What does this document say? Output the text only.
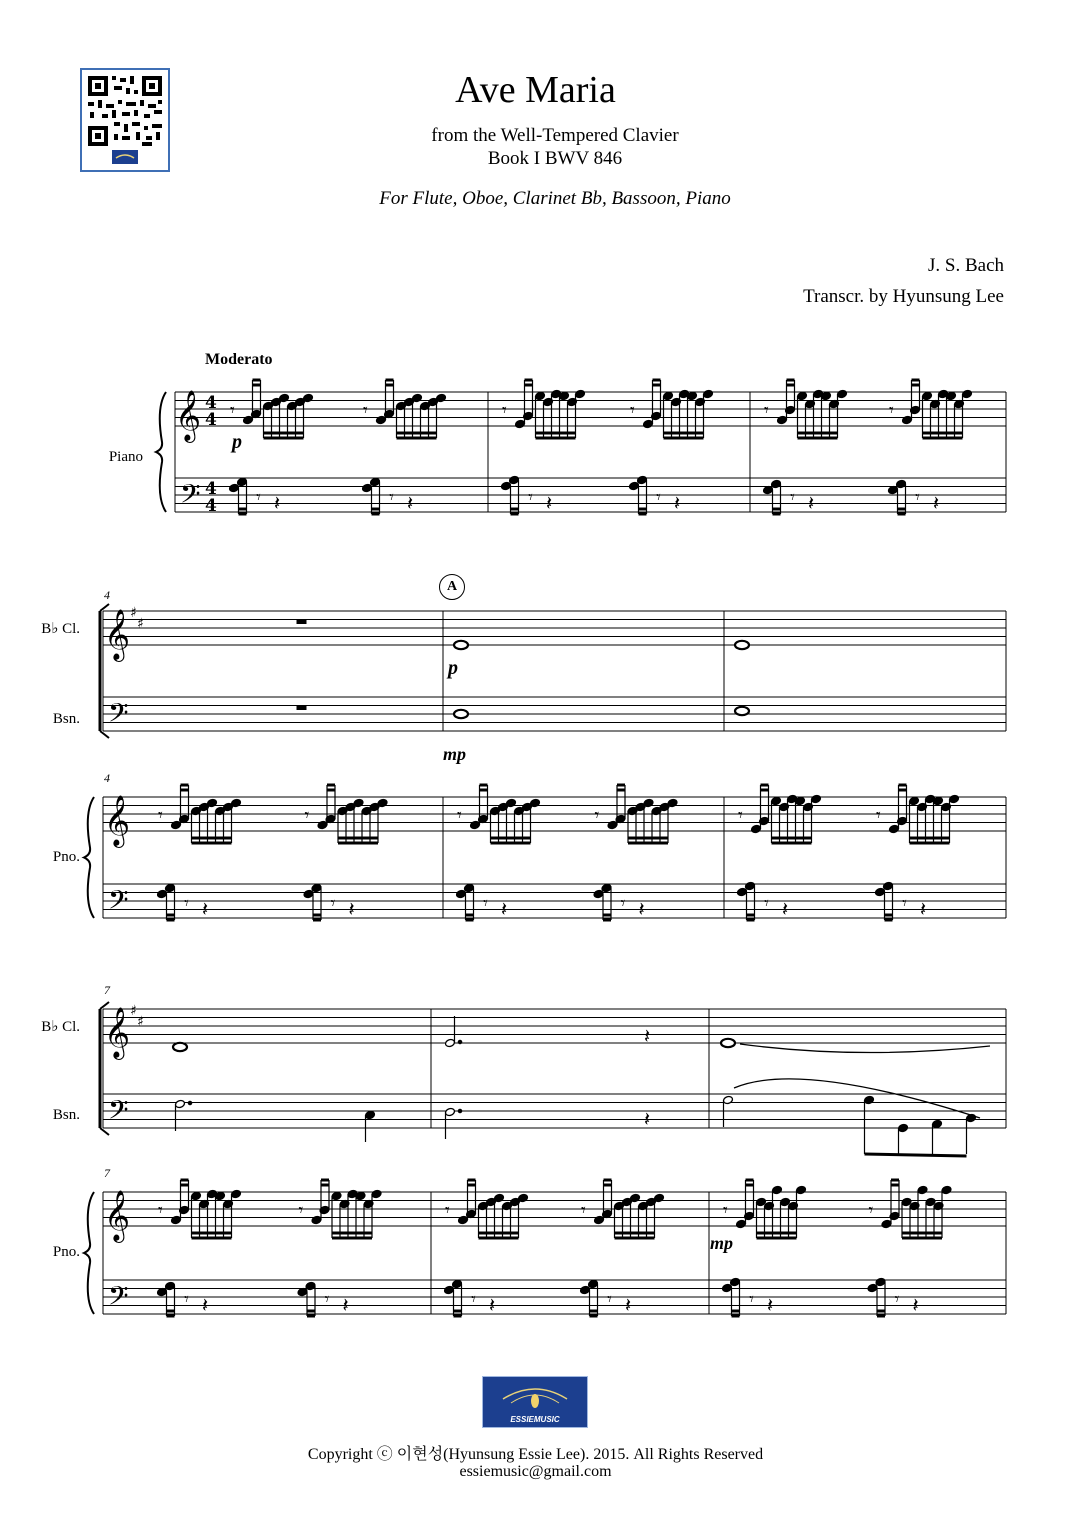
Ave Maria
from the Well-Tempered Clavier
Book I BWV 846
For Flute, Oboe, Clarinet Bb, Bassoon, Piano
J. S. Bach
Transcr. by Hyunsung Lee
Moderato
Piano
4
B♭ Cl.
Bsn.
4
Pno.
7
B♭ Cl.
Bsn.
7
Pno.
p
p
mp
mp
A
𝄞
𝄢
4
4
4
4
𝄾	𝄾
𝄾 𝄽	𝄾 𝄽
𝄾	𝄾
𝄾 𝄽	𝄾 𝄽
𝄾	𝄾
𝄾 𝄽	𝄾 𝄽
𝄞 ♯
♯
𝄢
𝄞
𝄢
𝄾	𝄾
𝄾 𝄽	𝄾 𝄽
𝄾	𝄾
𝄾 𝄽	𝄾 𝄽
𝄾	𝄾
𝄾 𝄽	𝄾 𝄽
𝄞 ♯
♯
𝄢
𝄞
𝄢
𝄽
𝄽
𝄾	𝄾
𝄾 𝄽	𝄾 𝄽
𝄾	𝄾
𝄾 𝄽	𝄾 𝄽
𝄾	𝄾
𝄾 𝄽	𝄾 𝄽
ESSIEMUSIC
Copyright ⓒ 이현성(Hyunsung Essie Lee). 2015. All Rights Reserved
essiemusic@gmail.com
